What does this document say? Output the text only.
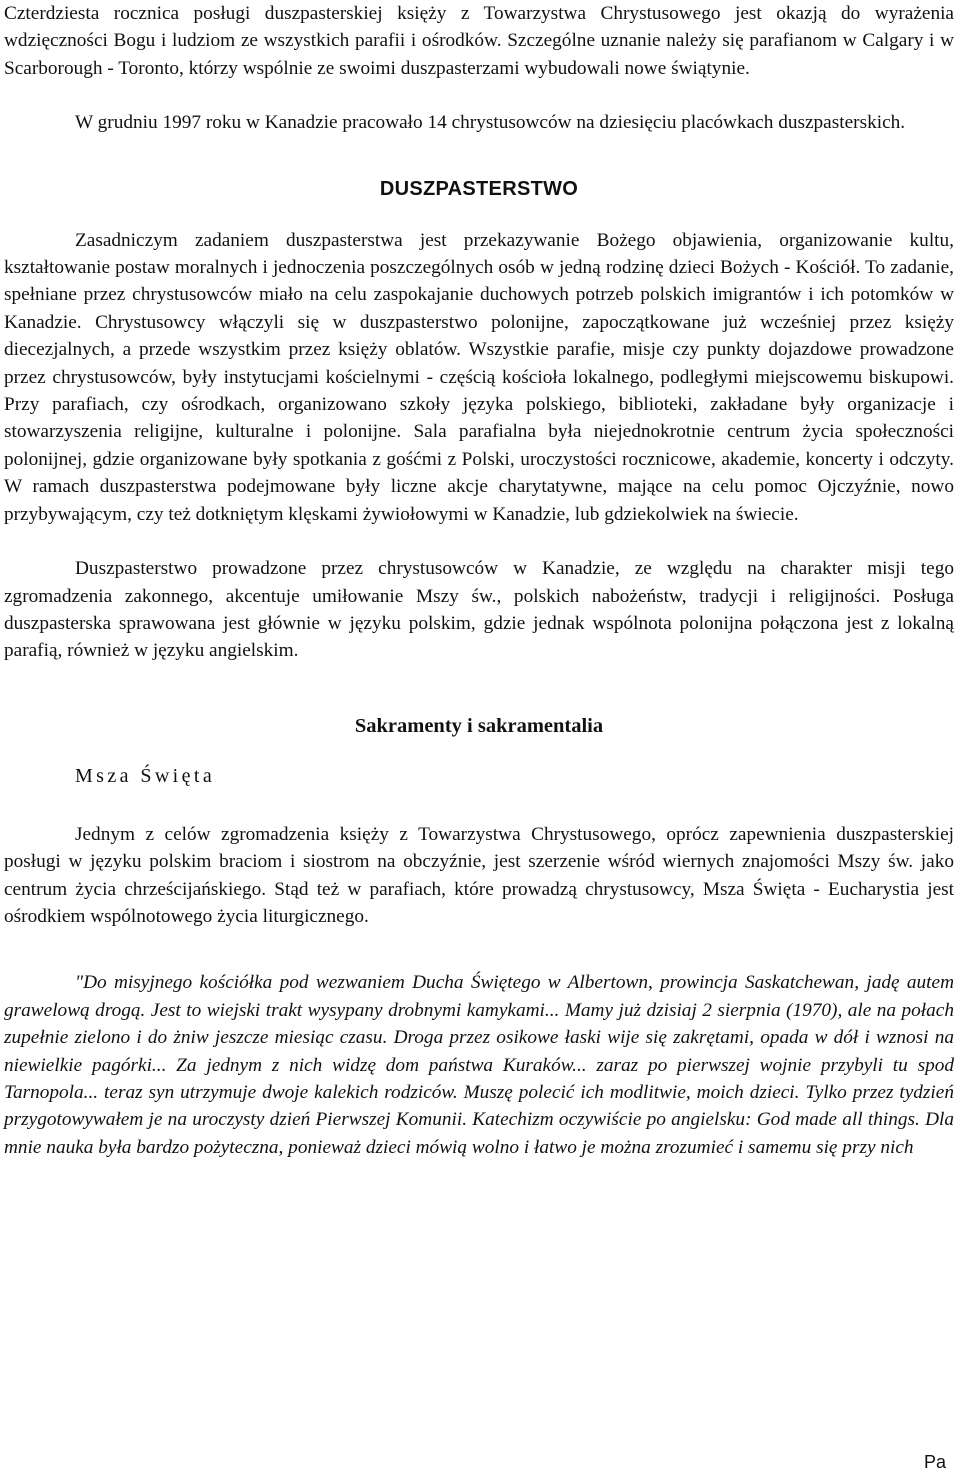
Czterdziesta rocznica posługi duszpasterskiej księży z Towarzystwa Chrystusowego jest okazją do wyrażenia wdzięczności Bogu i ludziom ze wszystkich parafii i ośrodków. Szczególne uznanie należy się parafianom w Calgary i w Scarborough - Toronto, którzy wspólnie ze swoimi duszpasterzami wybudowali nowe świątynie.

W grudniu 1997 roku w Kanadzie pracowało 14 chrystusowców na dziesięciu placówkach duszpasterskich.

DUSZPASTERSTWO

Zasadniczym zadaniem duszpasterstwa jest przekazywanie Bożego objawienia, organizowanie kultu, kształtowanie postaw moralnych i jednoczenia poszczególnych osób w jedną rodzinę dzieci Bożych - Kościół. To zadanie, spełniane przez chrystusowców miało na celu zaspokajanie duchowych potrzeb polskich imigrantów i ich potomków w Kanadzie. Chrystusowcy włączyli się w duszpasterstwo polonijne, zapoczątkowane już wcześniej przez księży diecezjalnych, a przede wszystkim przez księży oblatów. Wszystkie parafie, misje czy punkty dojazdowe prowadzone przez chrystusowców, były instytucjami kościelnymi - częścią kościoła lokalnego, podległymi miejscowemu biskupowi. Przy parafiach, czy ośrodkach, organizowano szkoły języka polskiego, biblioteki, zakładane były organizacje i stowarzyszenia religijne, kulturalne i polonijne. Sala parafialna była niejednokrotnie centrum życia społeczności polonijnej, gdzie organizowane były spotkania z gośćmi z Polski, uroczystości rocznicowe, akademie, koncerty i odczyty. W ramach duszpasterstwa podejmowane były liczne akcje charytatywne, mające na celu pomoc Ojczyźnie, nowo przybywającym, czy też dotkniętym klęskami żywiołowymi w Kanadzie, lub gdziekolwiek na świecie.

Duszpasterstwo prowadzone przez chrystusowców w Kanadzie, ze względu na charakter misji tego zgromadzenia zakonnego, akcentuje umiłowanie Mszy św., polskich nabożeństw, tradycji i religijności. Posługa duszpasterska sprawowana jest głównie w języku polskim, gdzie jednak wspólnota polonijna połączona jest z lokalną parafią, również w języku angielskim.

Sakramenty i sakramentalia
Msza Święta

Jednym z celów zgromadzenia księży z Towarzystwa Chrystusowego, oprócz zapewnienia duszpasterskiej posługi w języku polskim braciom i siostrom na obczyźnie, jest szerzenie wśród wiernych znajomości Mszy św. jako centrum życia chrześcijańskiego. Stąd też w parafiach, które prowadzą chrystusowcy, Msza Święta - Eucharystia jest ośrodkiem wspólnotowego życia liturgicznego.

"Do misyjnego kościółka pod wezwaniem Ducha Świętego w Albertown, prowincja Saskatchewan, jadę autem grawelową drogą. Jest to wiejski trakt wysypany drobnymi kamykami... Mamy już dzisiaj 2 sierpnia (1970), ale na połach zupełnie zielono i do żniw jeszcze miesiąc czasu. Droga przez osikowe łaski wije się zakrętami, opada w dół i wznosi na niewielkie pagórki... Za jednym z nich widzę dom państwa Kuraków... zaraz po pierwszej wojnie przybyli tu spod Tarnopola... teraz syn utrzymuje dwoje kalekich rodziców. Muszę polecić ich modlitwie, moich dzieci. Tylko przez tydzień przygotowywałem je na uroczysty dzień Pierwszej Komunii. Katechizm oczywiście po angielsku: God made all things. Dla mnie nauka była bardzo pożyteczna, ponieważ dzieci mówią wolno i łatwo je można zrozumieć i samemu się przy nich

Pa
